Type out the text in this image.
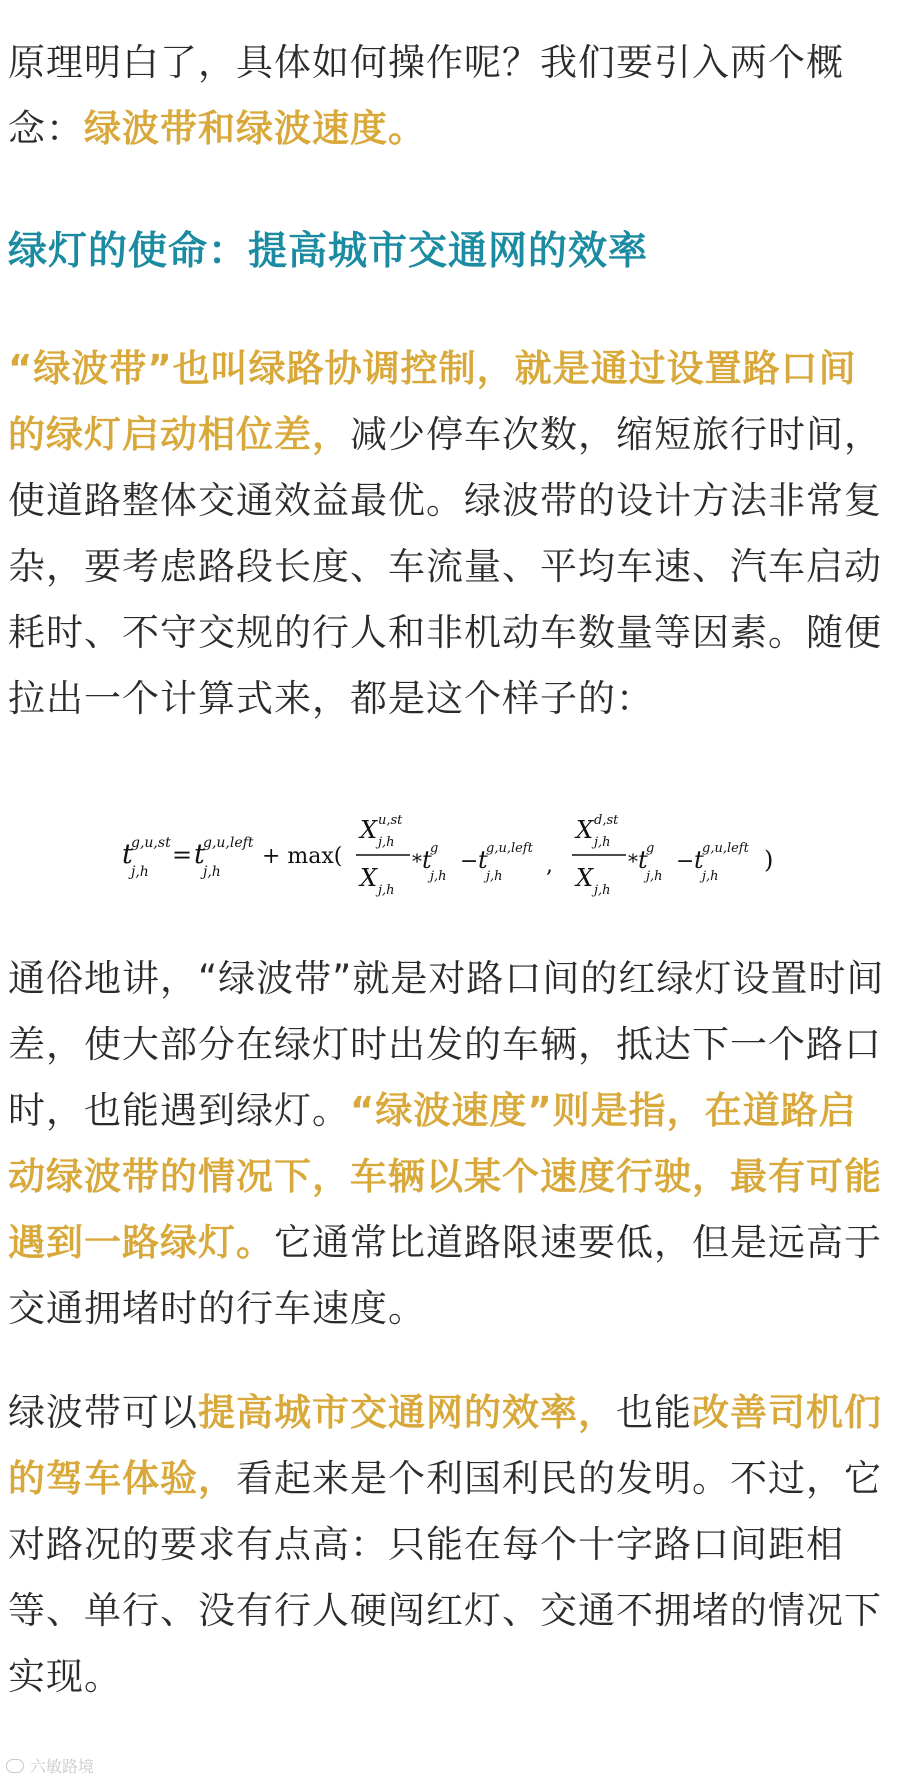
原理明白了，具体如何操作呢？我们要引入两个概念：绿波带和绿波速度。

绿灯的使命：提高城市交通网的效率

“绿波带”也叫绿路协调控制，就是通过设置路口间的绿灯启动相位差，减少停车次数，缩短旅行时间，使道路整体交通效益最优。绿波带的设计方法非常复杂，要考虑路段长度、车流量、平均车速、汽车启动耗时、不守交规的行人和非机动车数量等因素。随便拉出一个计算式来，都是这个样子的：

t
g,u,st
j,h
= t
g,u,left
j,h
+ max(
X u,st
j,h
X j,h
* t
g
j,h
− t
g,u,left
j,h ,
X d,st
j,h
X j,h
* t
g
j,h
− t
g,u,left
j,h
)

通俗地讲，“绿波带”就是对路口间的红绿灯设置时间差，使大部分在绿灯时出发的车辆，抵达下一个路口时，也能遇到绿灯。“绿波速度”则是指，在道路启动绿波带的情况下，车辆以某个速度行驶，最有可能遇到一路绿灯。它通常比道路限速要低，但是远高于交通拥堵时的行车速度。

绿波带可以提高城市交通网的效率，也能改善司机们的驾车体验，看起来是个利国利民的发明。不过，它对路况的要求有点高：只能在每个十字路口间距相等、单行、没有行人硬闯红灯、交通不拥堵的情况下实现。

六敏路境
